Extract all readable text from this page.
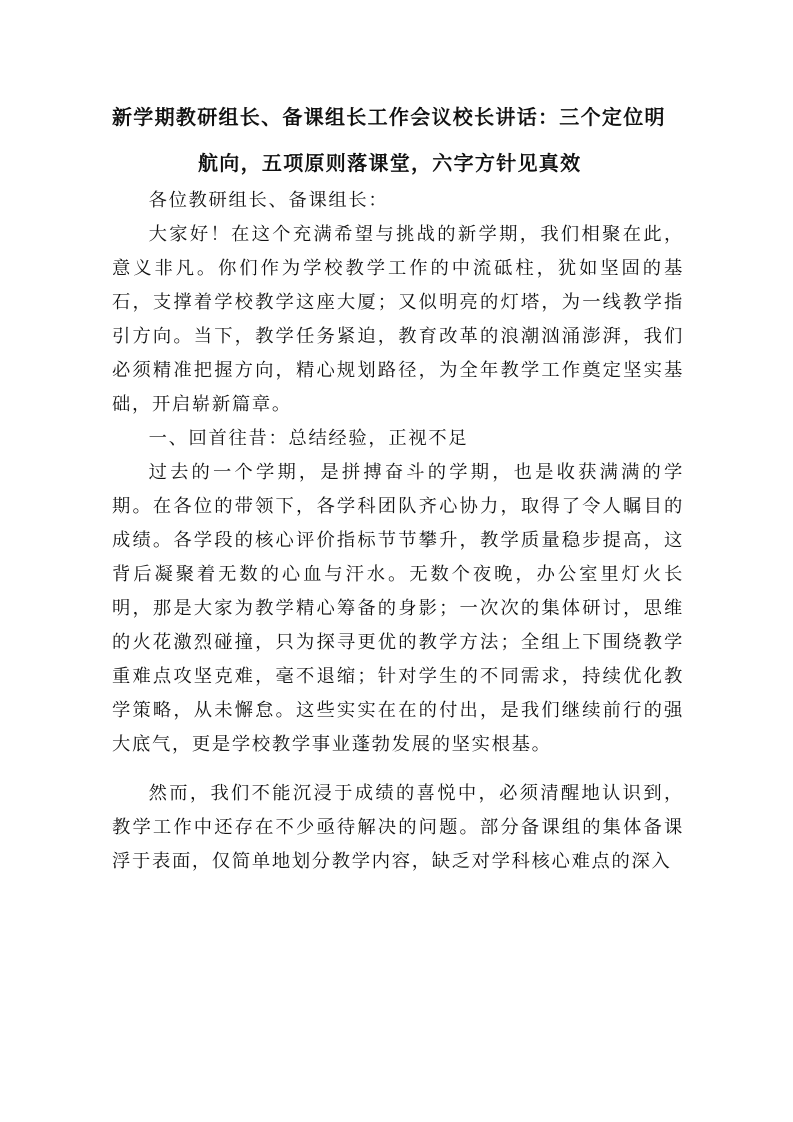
新学期教研组长、备课组长工作会议校长讲话：三个定位明
航向，五项原则落课堂，六字方针见真效

各位教研组长、备课组长：

大家好！在这个充满希望与挑战的新学期，我们相聚在此，意义非凡。你们作为学校教学工作的中流砥柱，犹如坚固的基石，支撑着学校教学这座大厦；又似明亮的灯塔，为一线教学指引方向。当下，教学任务紧迫，教育改革的浪潮汹涌澎湃，我们必须精准把握方向，精心规划路径，为全年教学工作奠定坚实基础，开启崭新篇章。

一、回首往昔：总结经验，正视不足

过去的一个学期，是拼搏奋斗的学期，也是收获满满的学期。在各位的带领下，各学科团队齐心协力，取得了令人瞩目的成绩。各学段的核心评价指标节节攀升，教学质量稳步提高，这背后凝聚着无数的心血与汗水。无数个夜晚，办公室里灯火长明，那是大家为教学精心筹备的身影；一次次的集体研讨，思维的火花激烈碰撞，只为探寻更优的教学方法；全组上下围绕教学重难点攻坚克难，毫不退缩；针对学生的不同需求，持续优化教学策略，从未懈怠。这些实实在在的付出，是我们继续前行的强大底气，更是学校教学事业蓬勃发展的坚实根基。

然而，我们不能沉浸于成绩的喜悦中，必须清醒地认识到，教学工作中还存在不少亟待解决的问题。部分备课组的集体备课浮于表面，仅简单地划分教学内容，缺乏对学科核心难点的深入
